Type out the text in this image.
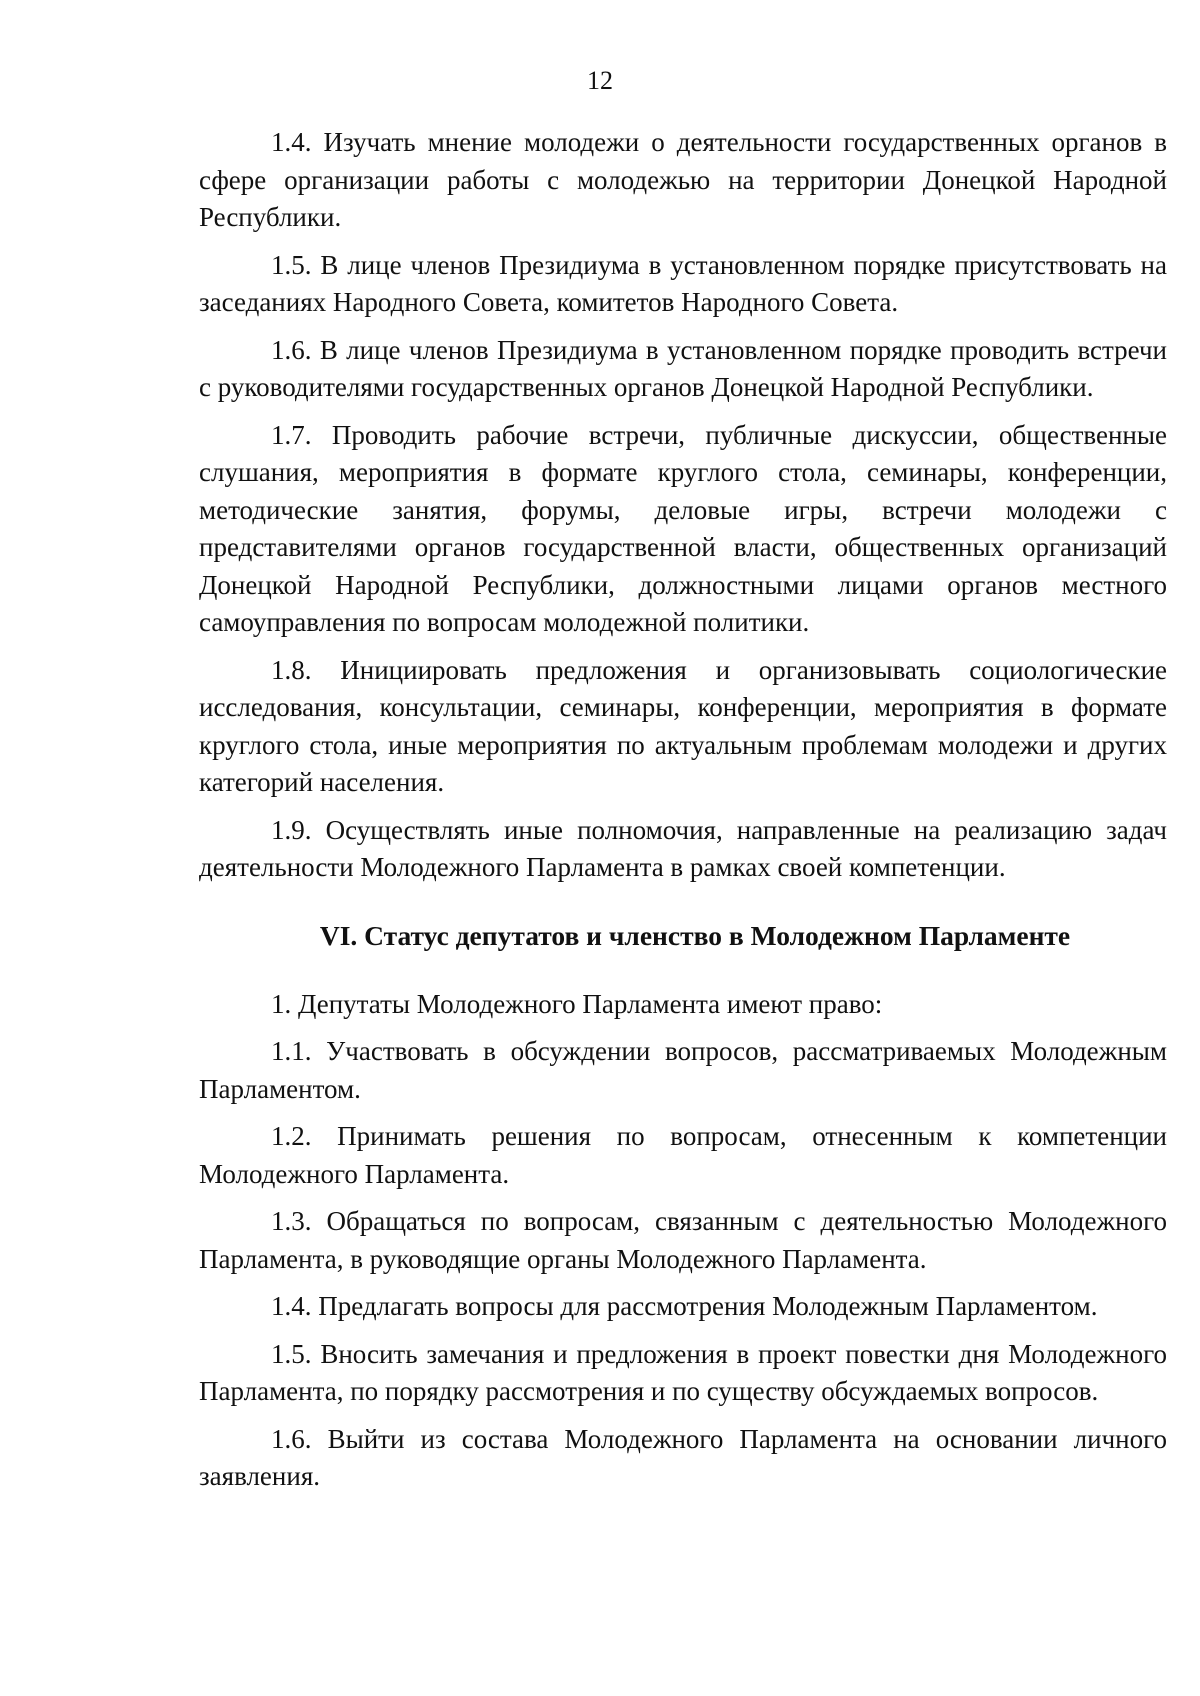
12

1.4. Изучать мнение молодежи о деятельности государственных органов в сфере организации работы с молодежью на территории Донецкой Народной Республики.

1.5. В лице членов Президиума в установленном порядке присутствовать на заседаниях Народного Совета, комитетов Народного Совета.

1.6. В лице членов Президиума в установленном порядке проводить встречи с руководителями государственных органов Донецкой Народной Республики.

1.7. Проводить рабочие встречи, публичные дискуссии, общественные слушания, мероприятия в формате круглого стола, семинары, конференции, методические занятия, форумы, деловые игры, встречи молодежи с представителями органов государственной власти, общественных организаций Донецкой Народной Республики, должностными лицами органов местного самоуправления по вопросам молодежной политики.

1.8. Инициировать предложения и организовывать социологические исследования, консультации, семинары, конференции, мероприятия в формате круглого стола, иные мероприятия по актуальным проблемам молодежи и других категорий населения.

1.9. Осуществлять иные полномочия, направленные на реализацию задач деятельности Молодежного Парламента в рамках своей компетенции.

VI. Статус депутатов и членство в Молодежном Парламенте

1. Депутаты Молодежного Парламента имеют право:

1.1. Участвовать в обсуждении вопросов, рассматриваемых Молодежным Парламентом.

1.2. Принимать решения по вопросам, отнесенным к компетенции Молодежного Парламента.

1.3. Обращаться по вопросам, связанным с деятельностью Молодежного Парламента, в руководящие органы Молодежного Парламента.

1.4. Предлагать вопросы для рассмотрения Молодежным Парламентом.

1.5. Вносить замечания и предложения в проект повестки дня Молодежного Парламента, по порядку рассмотрения и по существу обсуждаемых вопросов.

1.6. Выйти из состава Молодежного Парламента на основании личного заявления.
